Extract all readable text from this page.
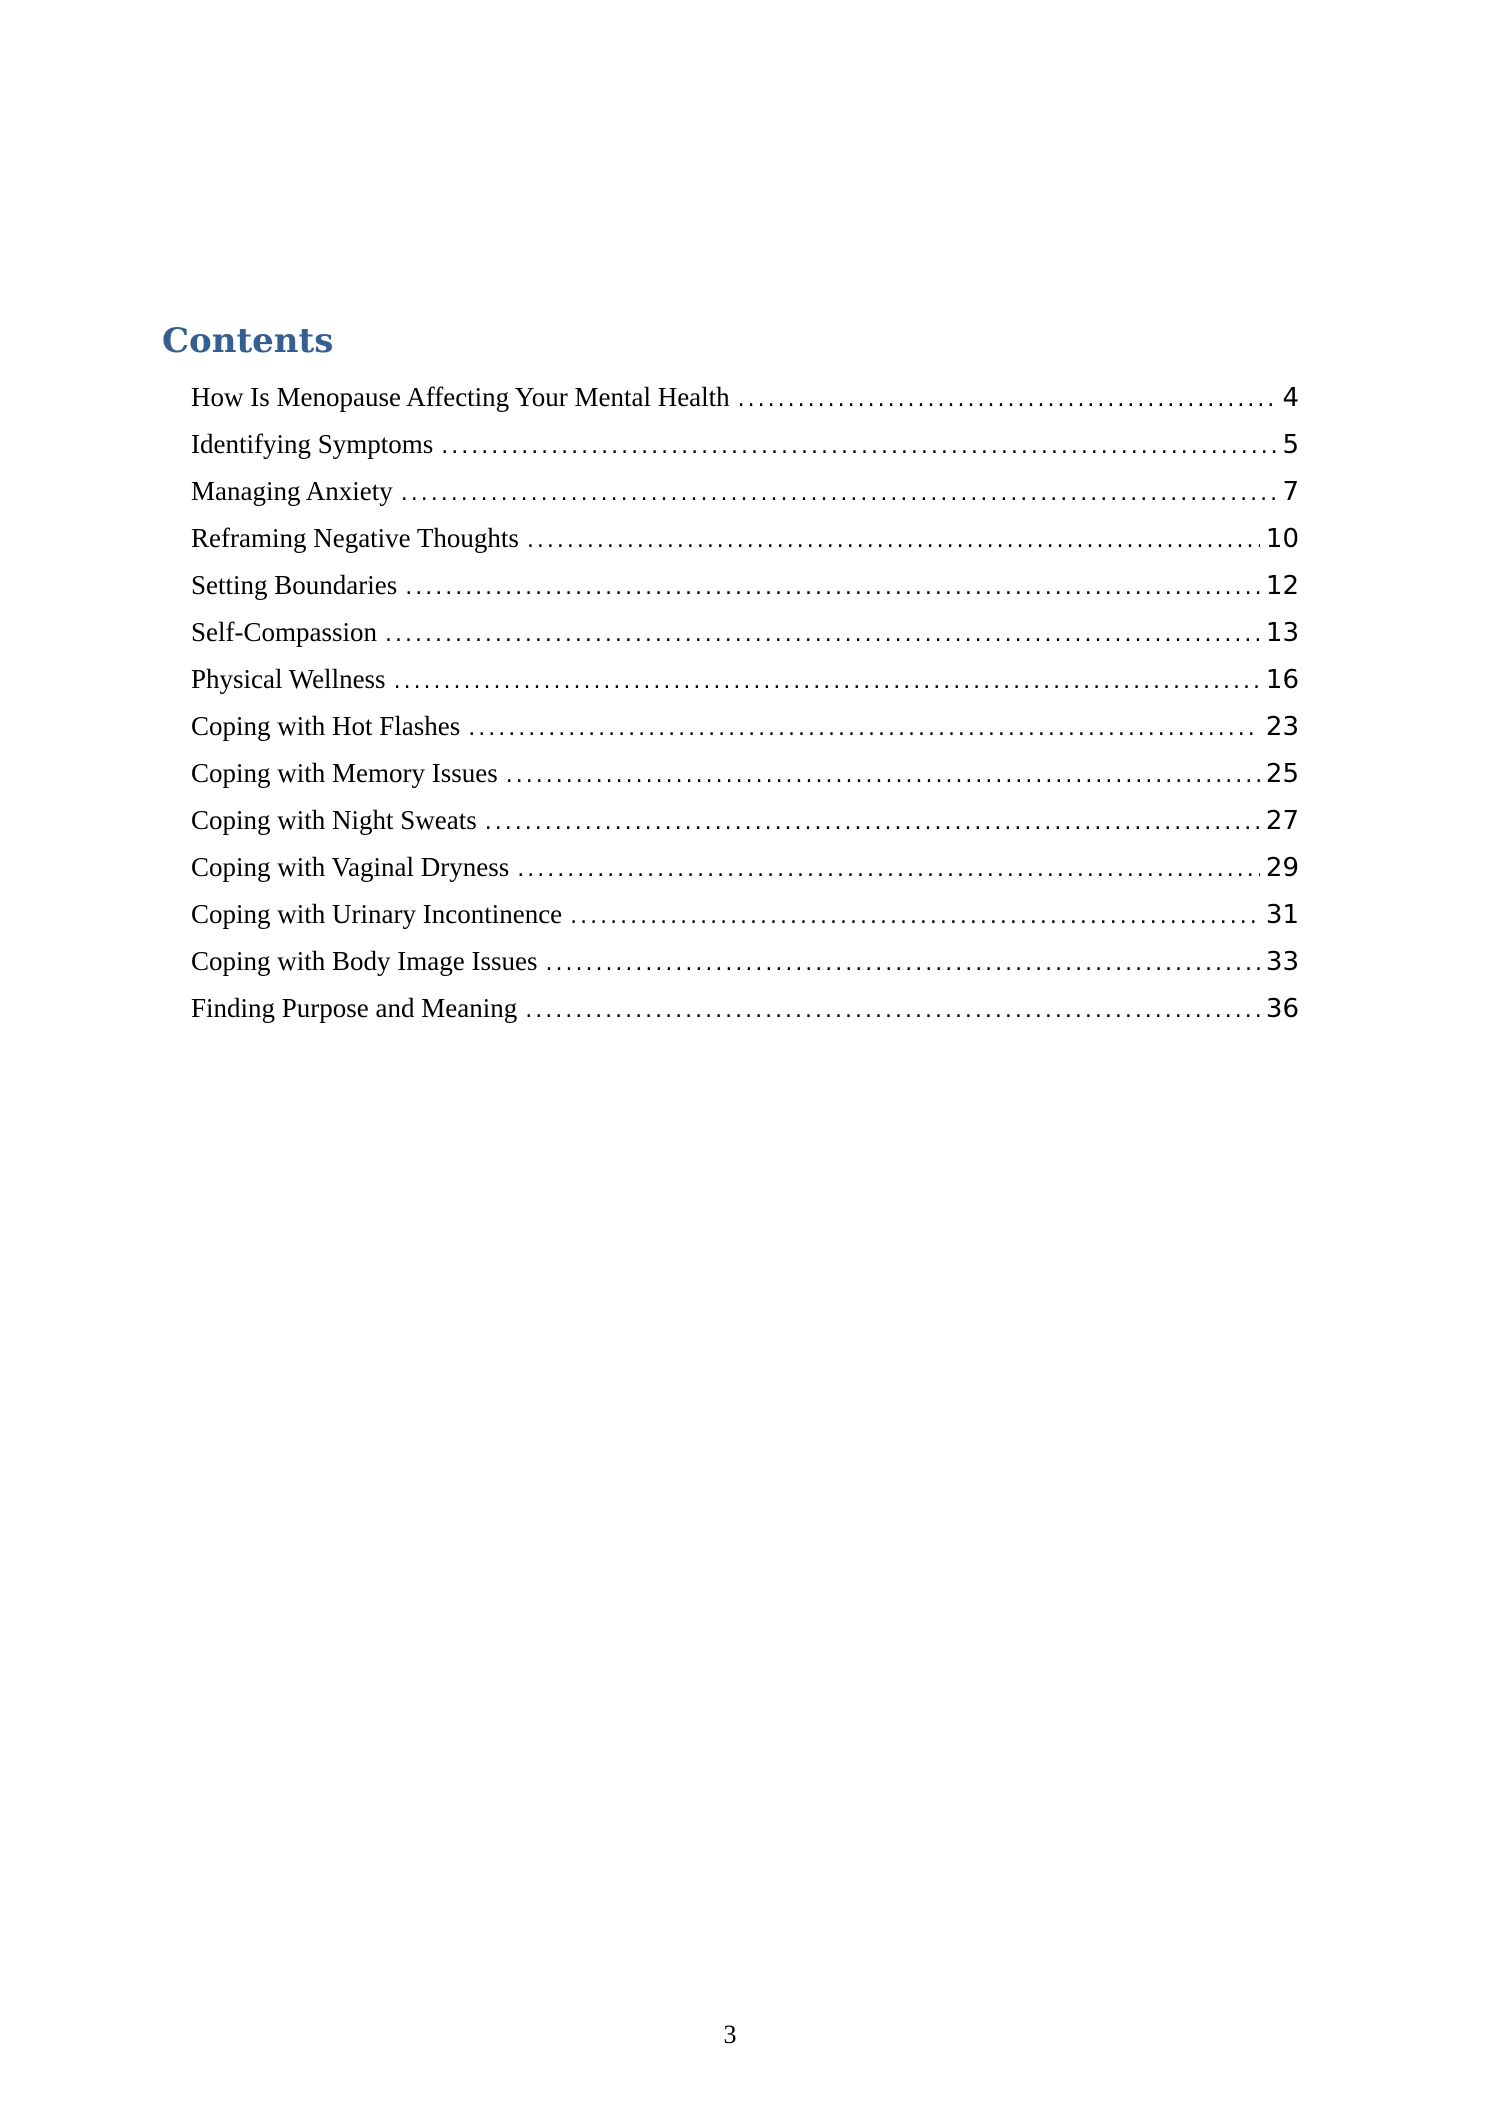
Contents
How Is Menopause Affecting Your Mental Health .....	4
Identifying Symptoms .....	5
Managing Anxiety .....	7
Reframing Negative Thoughts .....	10
Setting Boundaries .....	12
Self-Compassion .....	13
Physical Wellness .....	16
Coping with Hot Flashes .....	23
Coping with Memory Issues .....	25
Coping with Night Sweats .....	27
Coping with Vaginal Dryness .....	29
Coping with Urinary Incontinence .....	31
Coping with Body Image Issues .....	33
Finding Purpose and Meaning .....	36
3
